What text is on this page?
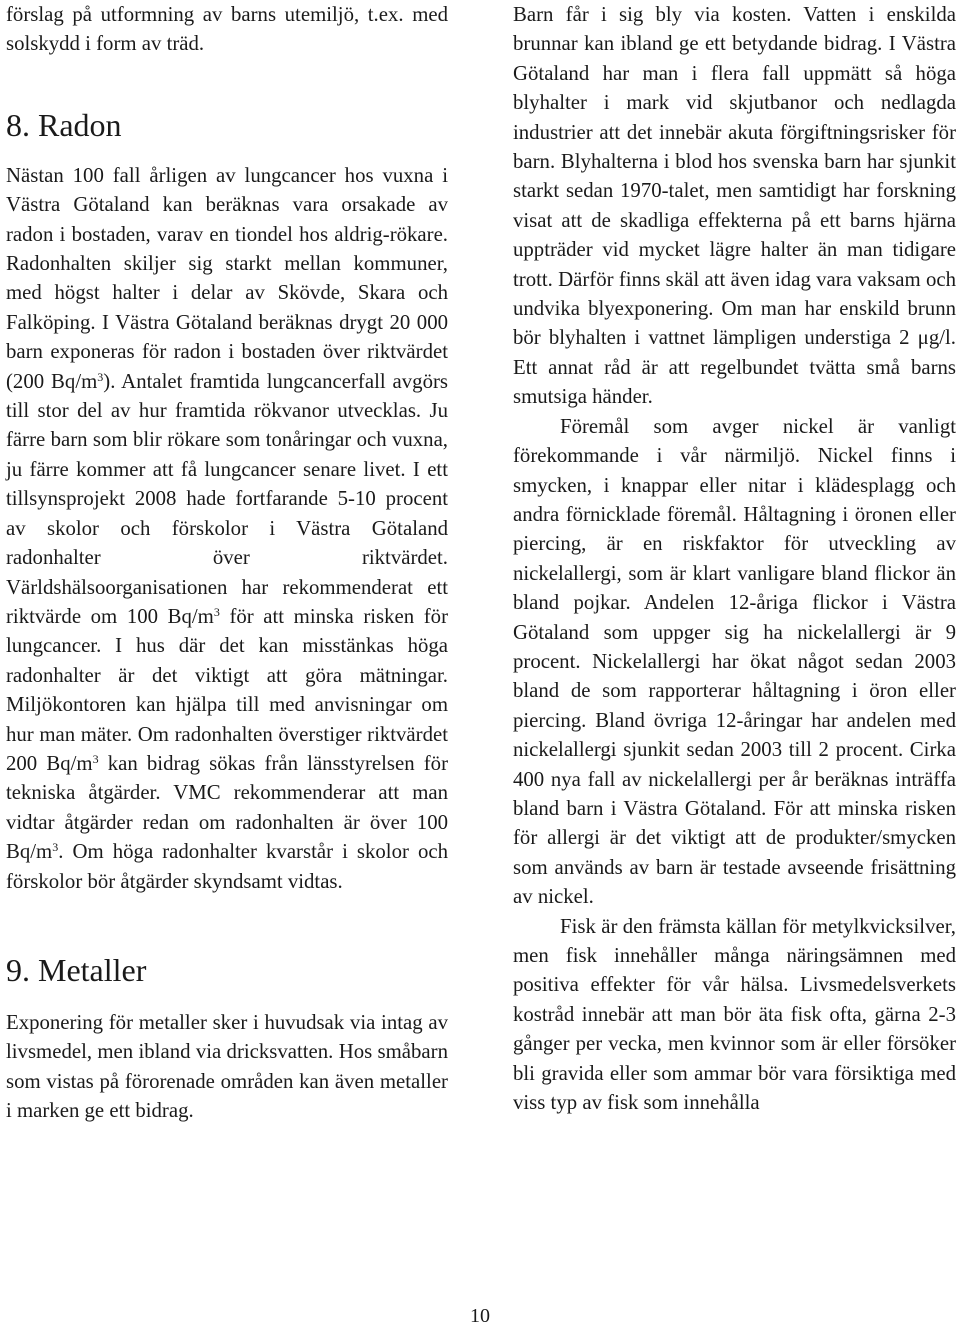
förslag på utformning av barns utemiljö, t.ex. med solskydd i form av träd.

8. Radon

Nästan 100 fall årligen av lungcancer hos vuxna i Västra Götaland kan beräknas vara orsakade av radon i bostaden, varav en tiondel hos aldrig-rökare. Radonhalten skiljer sig starkt mellan kommuner, med högst halter i delar av Skövde, Skara och Falköping. I Västra Götaland beräknas drygt 20 000 barn exponeras för radon i bostaden över riktvärdet (200 $Bq/m^3$). Antalet framtida lungcancerfall avgörs till stor del av hur framtida rökvanor utvecklas. Ju färre barn som blir rökare som tonåringar och vuxna, ju färre kommer att få lungcancer senare livet. I ett tillsynsprojekt 2008 hade fortfarande 5-10 procent av skolor och förskolor i Västra Götaland radonhalter över riktvärdet. Världshälsoorganisationen har rekommenderat ett riktvärde om 100 $Bq/m^3$ för att minska risken för lungcancer. I hus där det kan misstänkas höga radonhalter är det viktigt att göra mätningar. Miljökontoren kan hjälpa till med anvisningar om hur man mäter. Om radonhalten överstiger riktvärdet 200 $Bq/m^3$ kan bidrag sökas från länsstyrelsen för tekniska åtgärder. VMC rekommenderar att man vidtar åtgärder redan om radonhalten är över 100 $Bq/m^3$. Om höga radonhalter kvarstår i skolor och förskolor bör åtgärder skyndsamt vidtas.

9. Metaller

Exponering för metaller sker i huvudsak via intag av livsmedel, men ibland via dricksvatten. Hos småbarn som vistas på förorenade områden kan även metaller i marken ge ett bidrag.

Barn får i sig bly via kosten. Vatten i enskilda brunnar kan ibland ge ett betydande bidrag. I Västra Götaland har man i flera fall uppmätt så höga blyhalter i mark vid skjutbanor och nedlagda industrier att det innebär akuta förgiftningsrisker för barn. Blyhalterna i blod hos svenska barn har sjunkit starkt sedan 1970-talet, men samtidigt har forskning visat att de skadliga effekterna på ett barns hjärna uppträder vid mycket lägre halter än man tidigare trott. Därför finns skäl att även idag vara vaksam och undvika blyexponering. Om man har enskild brunn bör blyhalten i vattnet lämpligen understiga 2 μg/l. Ett annat råd är att regelbundet tvätta små barns smutsiga händer.

Föremål som avger nickel är vanligt förekommande i vår närmiljö. Nickel finns i smycken, i knappar eller nitar i klädesplagg och andra förnicklade föremål. Håltagning i öronen eller piercing, är en riskfaktor för utveckling av nickelallergi, som är klart vanligare bland flickor än bland pojkar. Andelen 12-åriga flickor i Västra Götaland som uppger sig ha nickelallergi är 9 procent. Nickelallergi har ökat något sedan 2003 bland de som rapporterar håltagning i öron eller piercing. Bland övriga 12-åringar har andelen med nickelallergi sjunkit sedan 2003 till 2 procent. Cirka 400 nya fall av nickelallergi per år beräknas inträffa bland barn i Västra Götaland. För att minska risken för allergi är det viktigt att de produkter/smycken som används av barn är testade avseende frisättning av nickel.

Fisk är den främsta källan för metylkvicksilver, men fisk innehåller många näringsämnen med positiva effekter för vår hälsa. Livsmedelsverkets kostråd innebär att man bör äta fisk ofta, gärna 2-3 gånger per vecka, men kvinnor som är eller försöker bli gravida eller som ammar bör vara försiktiga med viss typ av fisk som innehålla

10
